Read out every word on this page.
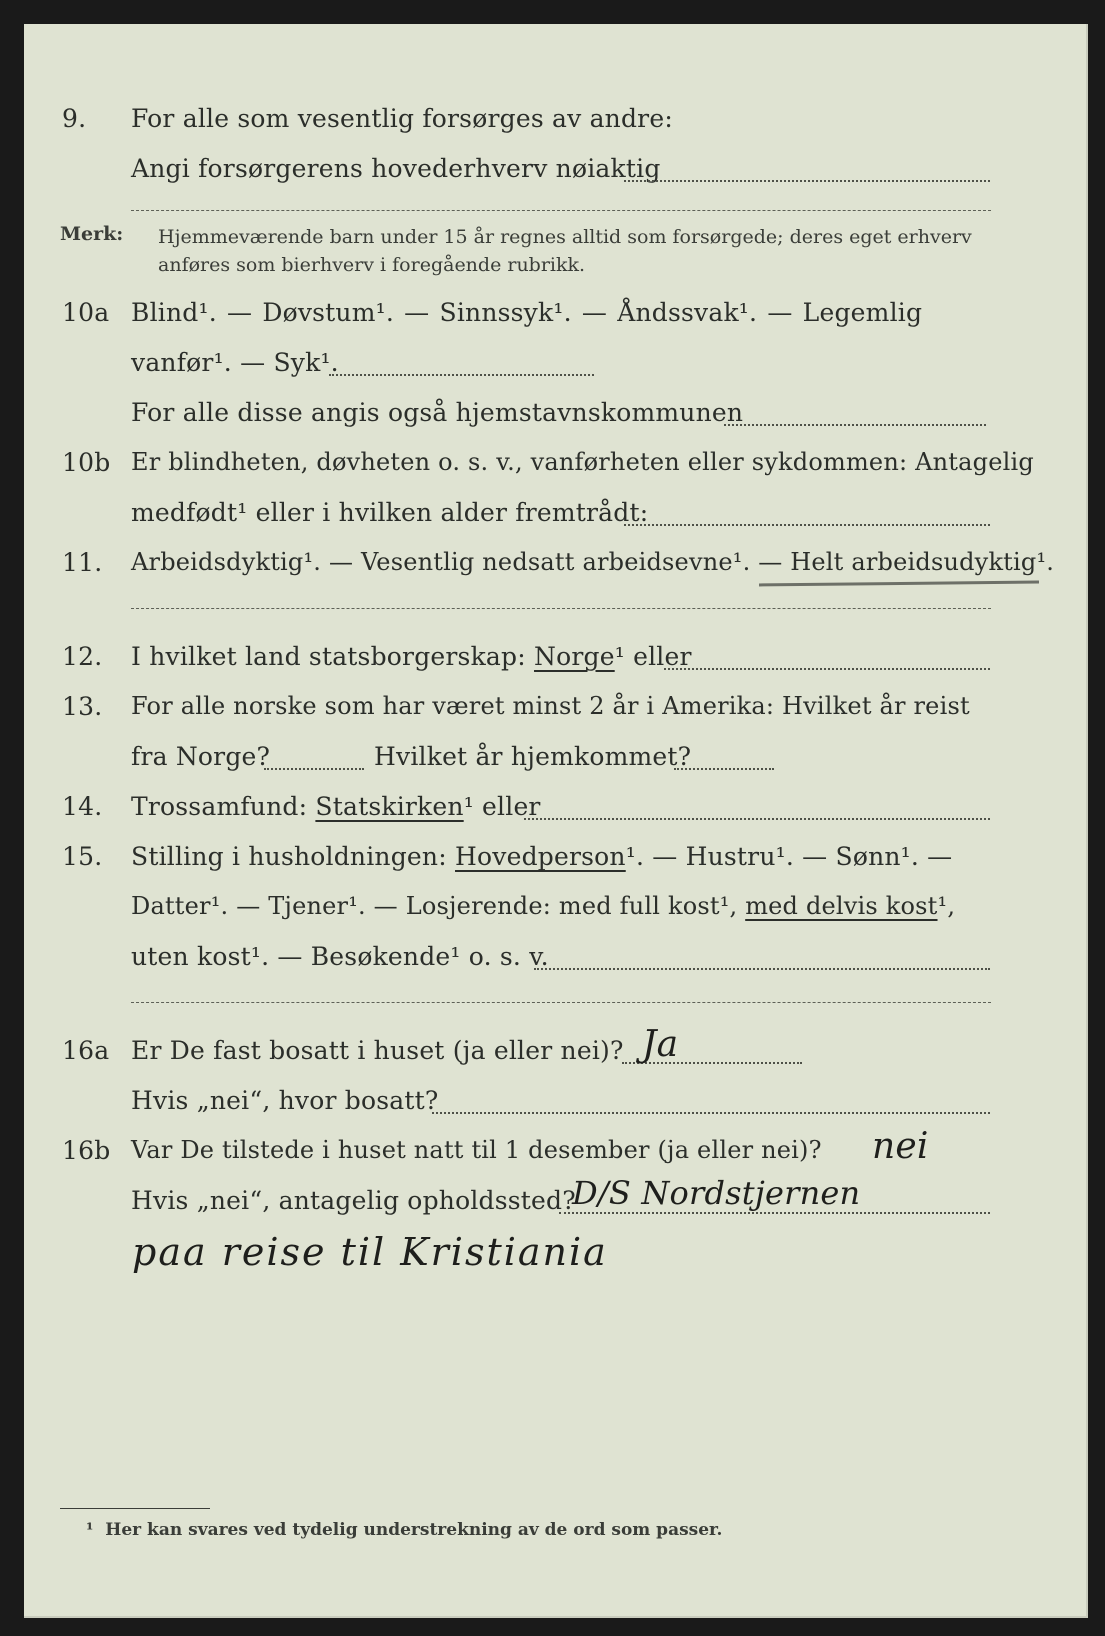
9. For alle som vesentlig forsørges av andre:
Angi forsørgerens hovederhverv nøiaktig
Merk: Hjemmeværende barn under 15 år regnes alltid som forsørgede; deres eget erhverv anføres som bierhverv i foregående rubrikk.
10a Blind¹. — Døvstum¹. — Sinnssyk¹. — Åndssvak¹. — Legemlig
vanfør¹. — Syk¹.
For alle disse angis også hjemstavnskommunen
10b Er blindheten, døvheten o. s. v., vanførheten eller sykdommen: Antagelig
medfødt¹ eller i hvilken alder fremtrådt:
11. Arbeidsdyktig¹. — Vesentlig nedsatt arbeidsevne¹. — Helt arbeidsudyktig¹.
12. I hvilket land statsborgerskap: Norge¹ eller
13. For alle norske som har været minst 2 år i Amerika: Hvilket år reist
fra Norge?	Hvilket år hjemkommet?
14. Trossamfund: Statskirken¹ eller
15. Stilling i husholdningen: Hovedperson¹. — Hustru¹. — Sønn¹. —
Datter¹. — Tjener¹. — Losjerende: med full kost¹, med delvis kost¹,
uten kost¹. — Besøkende¹ o. s. v.
16a Er De fast bosatt i huset (ja eller nei)? Ja
Hvis „nei“, hvor bosatt?
16b Var De tilstede i huset natt til 1 desember (ja eller nei)? nei
Hvis „nei“, antagelig opholdssted?
D/S Nordstjernen
paa reise til Kristiania
¹ Her kan svares ved tydelig understrekning av de ord som passer.
